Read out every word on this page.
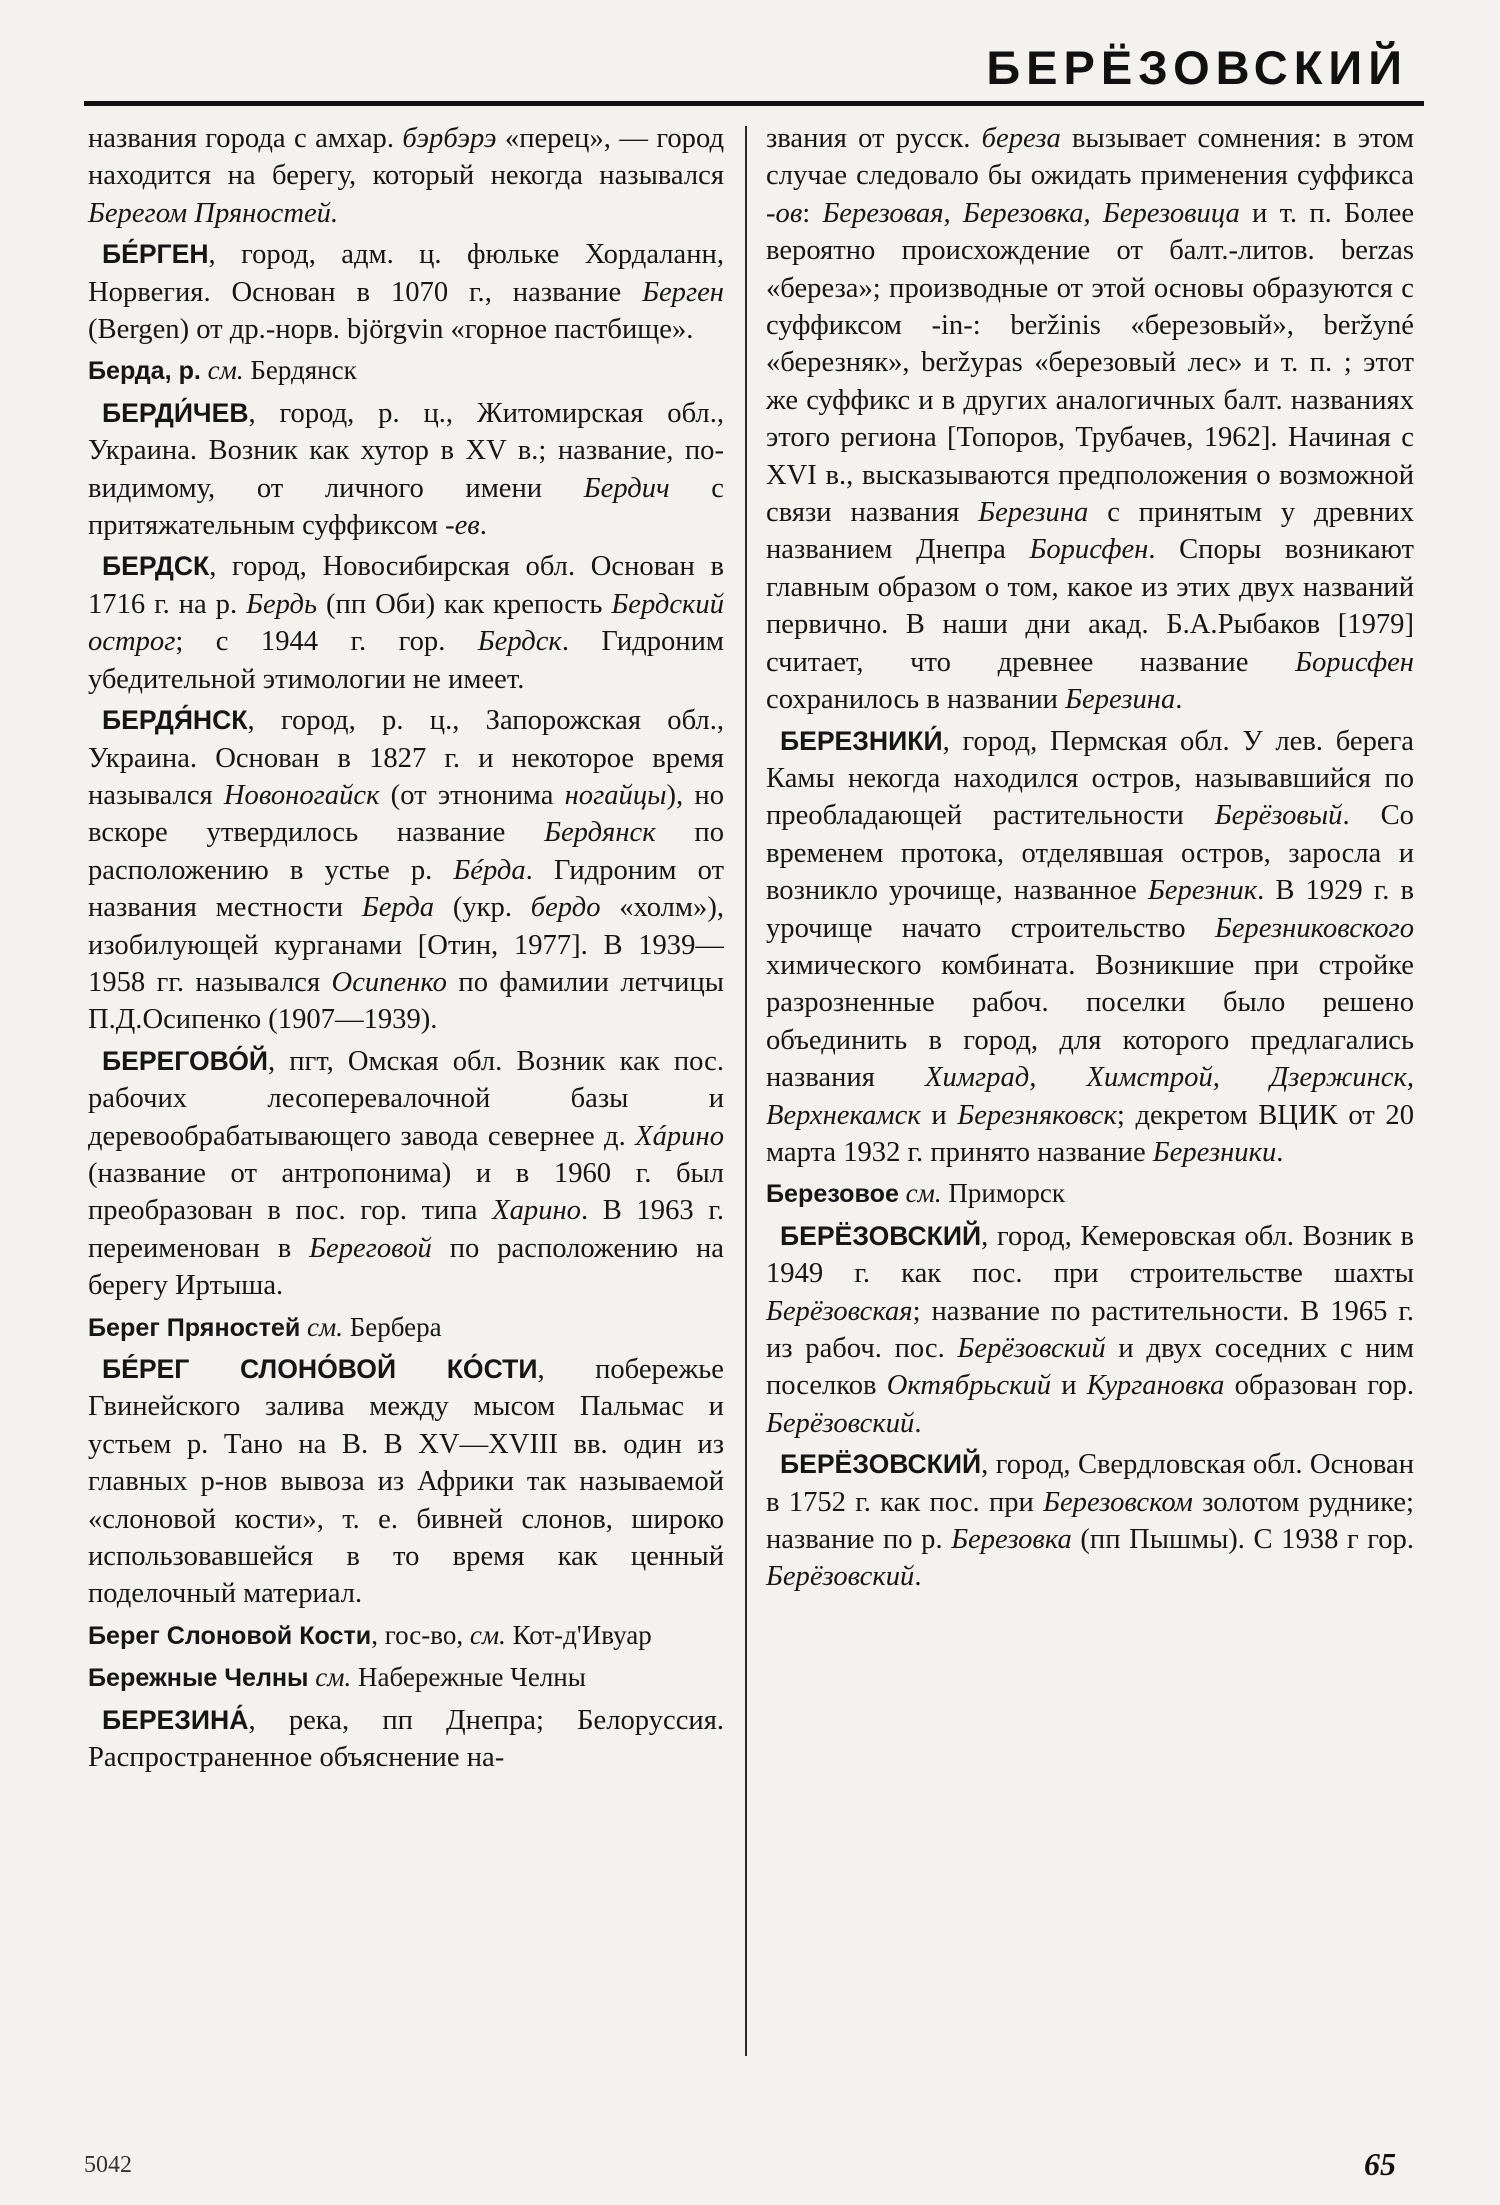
БЕРЁЗОВСКИЙ

названия города с амхар. бэрбэрэ «перец», — город находится на берегу, который некогда назывался Берегом Пряностей.

БЕ́РГЕН, город, адм. ц. фюльке Хордаланн, Норвегия. Основан в 1070 г., название Берген (Bergen) от др.-норв. björgvin «горное пастбище».

Берда, р. см. Бердянск

БЕРДИ́ЧЕВ, город, р. ц., Житомирская обл., Украина. Возник как хутор в XV в.; название, по-видимому, от личного имени Бердич с притяжательным суффиксом -ев.

БЕРДСК, город, Новосибирская обл. Основан в 1716 г. на р. Бердь (пп Оби) как крепость Бердский острог; с 1944 г. гор. Бердск. Гидроним убедительной этимологии не имеет.

БЕРДЯ́НСК, город, р. ц., Запорожская обл., Украина. Основан в 1827 г. и некоторое время назывался Новоногайск (от этнонима ногайцы), но вскоре утвердилось название Бердянск по расположению в устье р. Бéрда. Гидроним от названия местности Берда (укр. бердо «холм»), изобилующей курганами [Отин, 1977]. В 1939—1958 гг. назывался Осипенко по фамилии летчицы П.Д.Осипенко (1907—1939).

БЕРЕГОВО́Й, пгт, Омская обл. Возник как пос. рабочих лесоперевалочной базы и деревообрабатывающего завода севернее д. Хáрино (название от антропонима) и в 1960 г. был преобразован в пос. гор. типа Харино. В 1963 г. переименован в Береговой по расположению на берегу Иртыша.

Берег Пряностей см. Бербера

БÉРЕГ СЛОНО́ВОЙ КО́СТИ, побережье Гвинейского залива между мысом Пальмас и устьем р. Тано на В. В XV—XVIII вв. один из главных р-нов вывоза из Африки так называемой «слоновой кости», т. е. бивней слонов, широко использовавшейся в то время как ценный поделочный материал.

Берег Слоновой Кости, гос-во, см. Кот-д'Ивуар

Бережные Челны см. Набережные Челны

БЕРЕЗИНА́, река, пп Днепра; Белоруссия. Распространенное объяснение на-

звания от русск. береза вызывает сомнения: в этом случае следовало бы ожидать применения суффикса -ов: Березовая, Березовка, Березовица и т. п. Более вероятно происхождение от балт.-литов. berzas «береза»; производные от этой основы образуются с суффиксом -in-: beržinis «березовый», beržyné «березняк», beržypas «березовый лес» и т. п. ; этот же суффикс и в других аналогичных балт. названиях этого региона [Топоров, Трубачев, 1962]. Начиная с XVI в., высказываются предположения о возможной связи названия Березина с принятым у древних названием Днепра Борисфен. Споры возникают главным образом о том, какое из этих двух названий первично. В наши дни акад. Б.А.Рыбаков [1979] считает, что древнее название Борисфен сохранилось в названии Березина.

БЕРЕЗНИКИ́, город, Пермская обл. У лев. берега Камы некогда находился остров, называвшийся по преобладающей растительности Берёзовый. Со временем протока, отделявшая остров, заросла и возникло урочище, названное Березник. В 1929 г. в урочище начато строительство Березниковского химического комбината. Возникшие при стройке разрозненные рабоч. поселки было решено объединить в город, для которого предлагались названия Химград, Химстрой, Дзержинск, Верхнекамск и Березняковск; декретом ВЦИК от 20 марта 1932 г. принято название Березники.

Березовое см. Приморск

БЕРЁЗОВСКИЙ, город, Кемеровская обл. Возник в 1949 г. как пос. при строительстве шахты Берёзовская; название по растительности. В 1965 г. из рабоч. пос. Берёзовский и двух соседних с ним поселков Октябрьский и Кургановка образован гор. Берёзовский.

БЕРЁЗОВСКИЙ, город, Свердловская обл. Основан в 1752 г. как пос. при Березовском золотом руднике; название по р. Березовка (пп Пышмы). С 1938 г гор. Берёзовский.

5042	65
